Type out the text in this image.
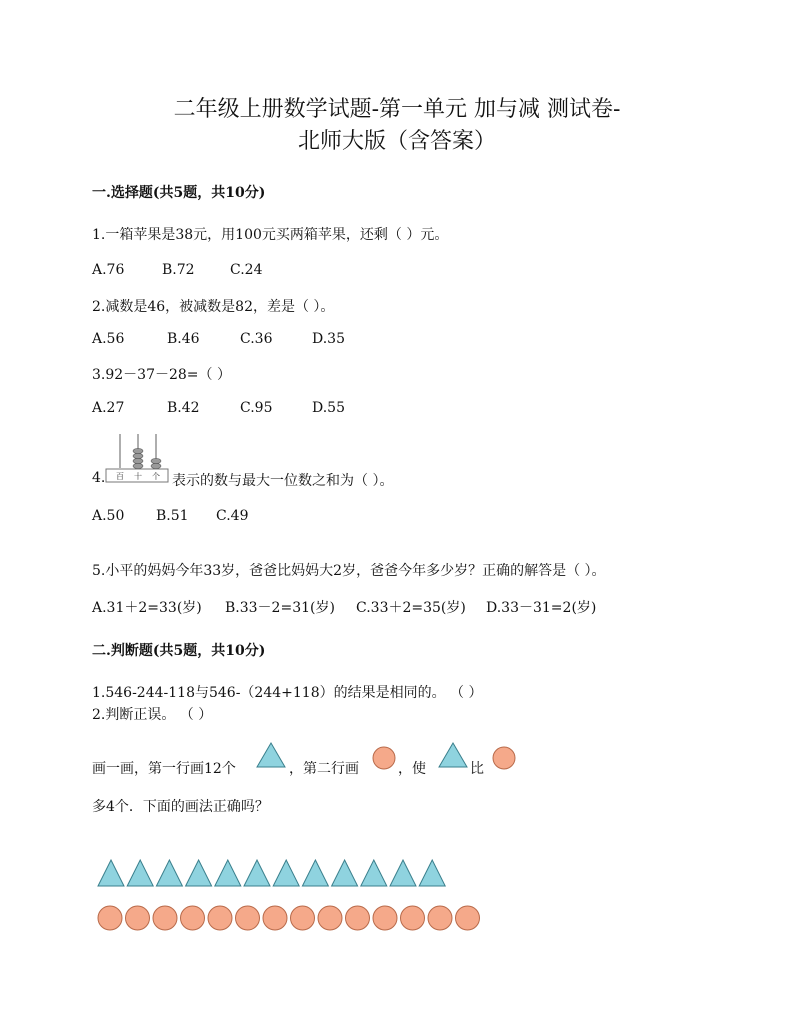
二年级上册数学试题-第一单元 加与减 测试卷-
北师大版（含答案）
一.选择题(共5题，共10分)
1.一箱苹果是38元，用100元买两箱苹果，还剩（ ）元。
A.76	B.72	C.24
2.减数是46，被减数是82，差是（ ）。
A.56	B.46	C.36	D.35
3.92－37－28=（ ）
A.27	B.42	C.95	D.55
4. 百 十 个 表示的数与最大一位数之和为（ ）。
A.50 B.51 C.49
5.小平的妈妈今年33岁，爸爸比妈妈大2岁，爸爸今年多少岁？正确的解答是（ ）。
A.31＋2=33(岁) B.33－2=31(岁) C.33＋2=35(岁) D.33－31=2(岁)
二.判断题(共5题，共10分)
1.546-244-118与546-（244+118）的结果是相同的。 （ ）
2.判断正误。 （ ）
画一画，第一行画12个	，第二行画	，使	比
多4个．下面的画法正确吗？
